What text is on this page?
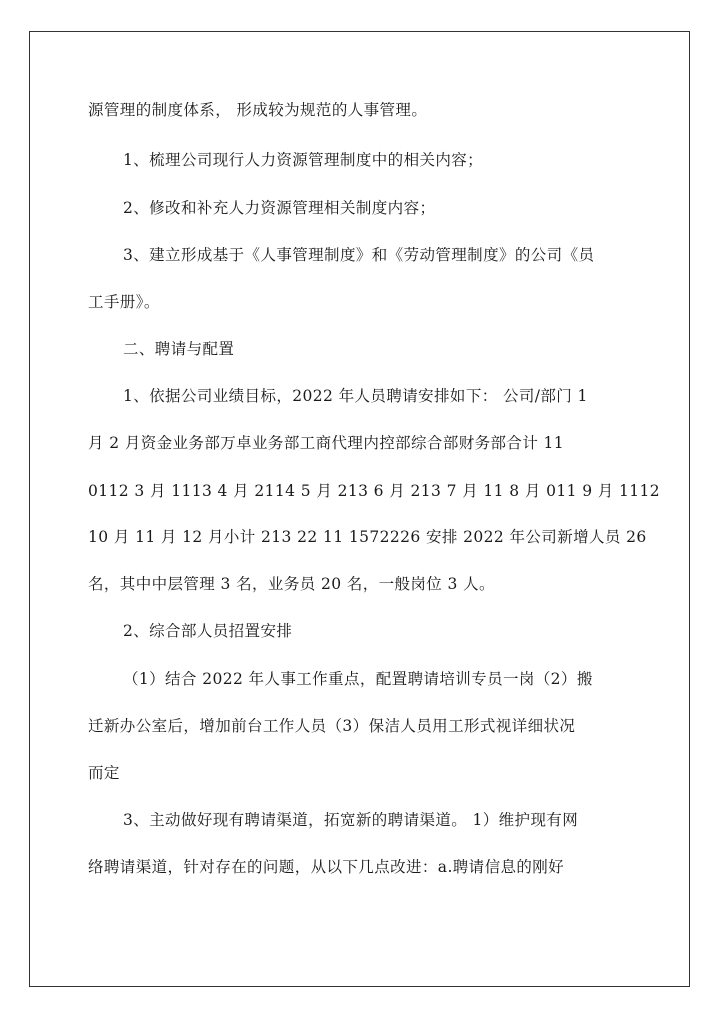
源管理的制度体系， 形成较为规范的人事管理。
1、梳理公司现行人力资源管理制度中的相关内容；
2、修改和补充人力资源管理相关制度内容；
3、建立形成基于《人事管理制度》和《劳动管理制度》的公司《员
工手册》。
二、聘请与配置
1、依据公司业绩目标，2022 年人员聘请安排如下： 公司/部门 1
月 2 月资金业务部万卓业务部工商代理内控部综合部财务部合计 11
0112 3 月 1113 4 月 2114 5 月 213 6 月 213 7 月 11 8 月 011 9 月 1112
10 月 11 月 12 月小计 213 22 11 1572226 安排 2022 年公司新增人员 26
名，其中中层管理 3 名，业务员 20 名，一般岗位 3 人。
2、综合部人员招置安排
（1）结合 2022 年人事工作重点，配置聘请培训专员一岗（2）搬
迁新办公室后，增加前台工作人员（3）保洁人员用工形式视详细状况
而定
3、主动做好现有聘请渠道，拓宽新的聘请渠道。 1）维护现有网
络聘请渠道，针对存在的问题，从以下几点改进：a.聘请信息的刚好
